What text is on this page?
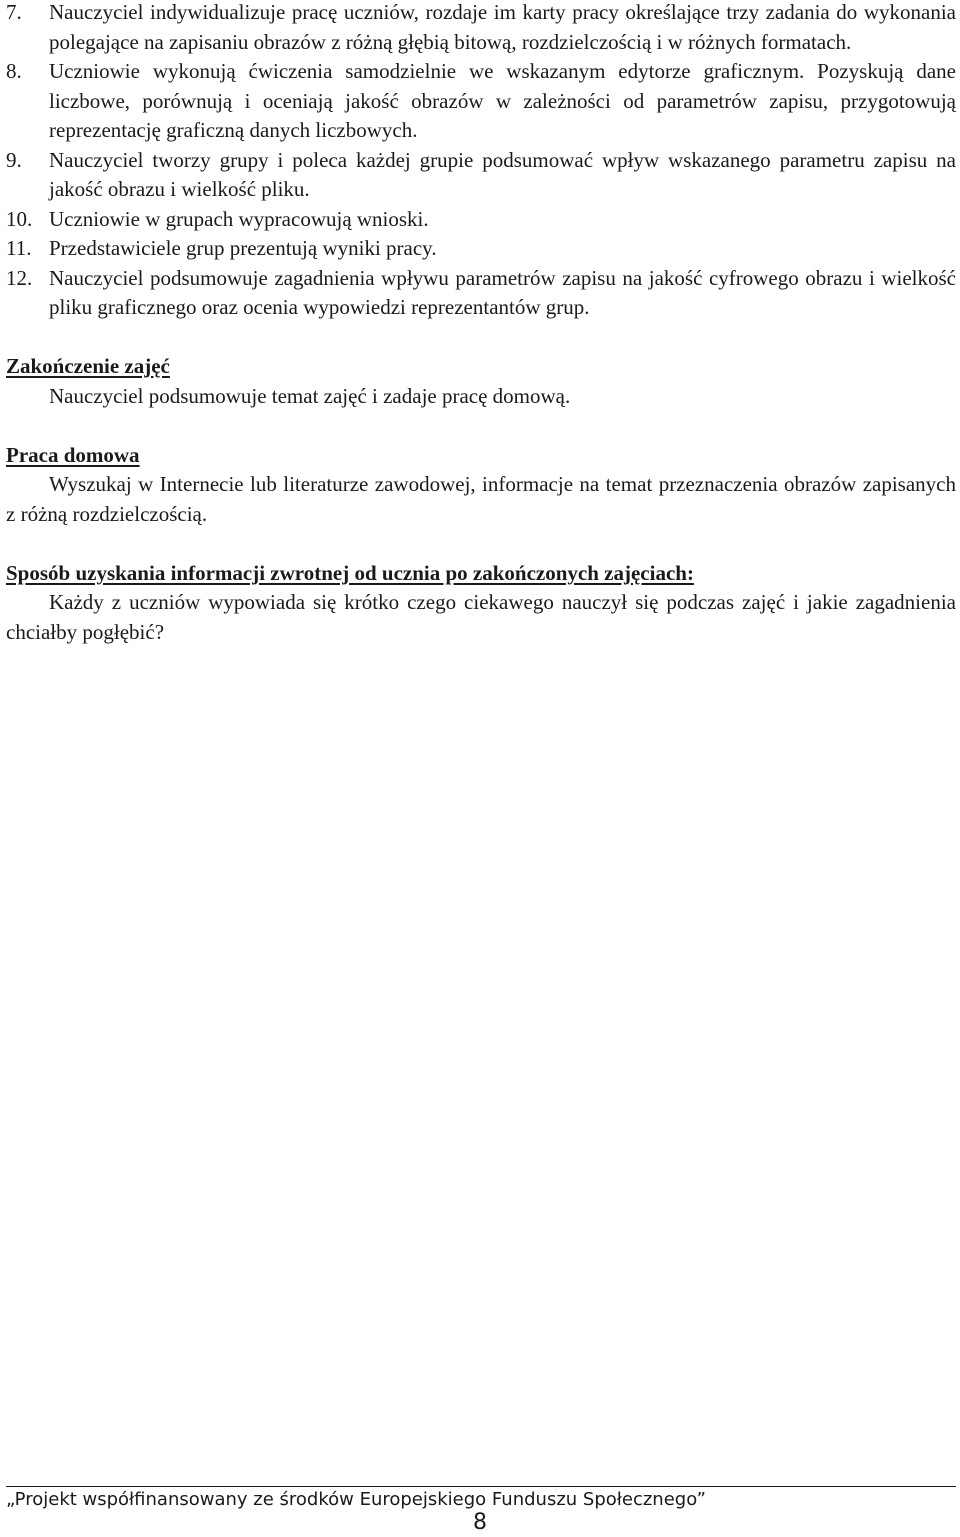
7. Nauczyciel indywidualizuje pracę uczniów, rozdaje im karty pracy określające trzy zadania do wykonania polegające na zapisaniu obrazów z różną głębią bitową, rozdzielczością i w różnych formatach.
8. Uczniowie wykonują ćwiczenia samodzielnie we wskazanym edytorze graficznym. Pozyskują dane liczbowe, porównują i oceniają jakość obrazów w zależności od parametrów zapisu, przygotowują reprezentację graficzną danych liczbowych.
9. Nauczyciel tworzy grupy i poleca każdej grupie podsumować wpływ wskazanego parametru zapisu na jakość obrazu i wielkość pliku.
10. Uczniowie w grupach wypracowują wnioski.
11. Przedstawiciele grup prezentują wyniki pracy.
12. Nauczyciel podsumowuje zagadnienia wpływu parametrów zapisu na jakość cyfrowego obrazu i wielkość pliku graficznego oraz ocenia wypowiedzi reprezentantów grup.
Zakończenie zajęć
Nauczyciel podsumowuje temat zajęć i zadaje pracę domową.
Praca domowa
Wyszukaj w Internecie lub literaturze zawodowej, informacje na temat przeznaczenia obrazów zapisanych z różną rozdzielczością.
Sposób uzyskania informacji zwrotnej od ucznia po zakończonych zajęciach:
Każdy z uczniów wypowiada się krótko czego ciekawego nauczył się podczas zajęć i jakie zagadnienia chciałby pogłębić?
„Projekt współfinansowany ze środków Europejskiego Funduszu Społecznego”
8
